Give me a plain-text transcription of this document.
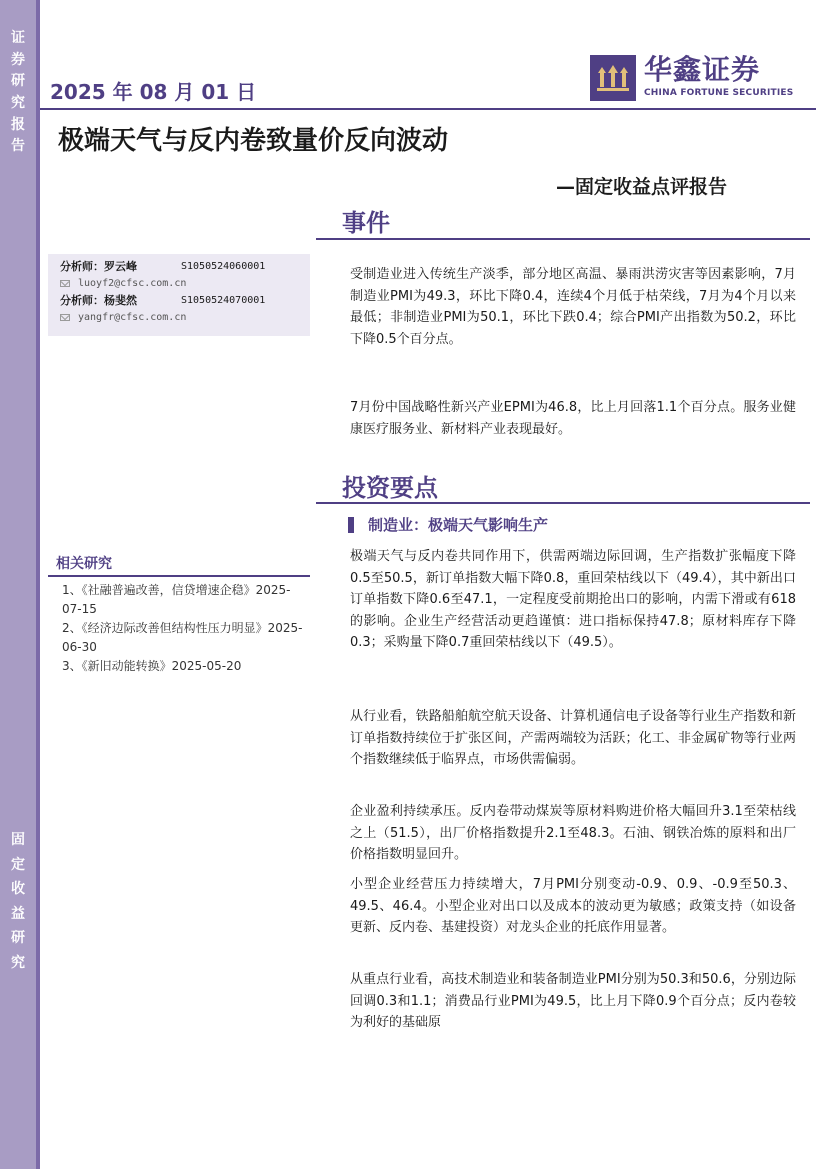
证
券
研
究
报
告
固
定
收
益
研
究
2025 年 08 月 01 日
华鑫证券
CHINA FORTUNE SECURITIES
极端天气与反内卷致量价反向波动
—固定收益点评报告
事件
分析师：罗云峰	S1050524060001
luoyf2@cfsc.com.cn
分析师：杨斐然	S1050524070001
yangfr@cfsc.com.cn
相关研究
1、《社融普遍改善，信贷增速企稳》2025-07-15
2、《经济边际改善但结构性压力明显》2025-06-30
3、《新旧动能转换》2025-05-20

受制造业进入传统生产淡季，部分地区高温、暴雨洪涝灾害等因素影响，7月制造业PMI为49.3，环比下降0.4，连续4个月低于枯荣线，7月为4个月以来最低；非制造业PMI为50.1，环比下跌0.4；综合PMI产出指数为50.2，环比下降0.5个百分点。

7月份中国战略性新兴产业EPMI为46.8，比上月回落1.1个百分点。服务业健康医疗服务业、新材料产业表现最好。

投资要点
制造业：极端天气影响生产

极端天气与反内卷共同作用下，供需两端边际回调，生产指数扩张幅度下降0.5至50.5，新订单指数大幅下降0.8，重回荣枯线以下（49.4），其中新出口订单指数下降0.6至47.1，一定程度受前期抢出口的影响，内需下滑或有618的影响。企业生产经营活动更趋谨慎：进口指标保持47.8；原材料库存下降0.3；采购量下降0.7重回荣枯线以下（49.5）。

从行业看，铁路船舶航空航天设备、计算机通信电子设备等行业生产指数和新订单指数持续位于扩张区间，产需两端较为活跃；化工、非金属矿物等行业两个指数继续低于临界点，市场供需偏弱。

企业盈利持续承压。反内卷带动煤炭等原材料购进价格大幅回升3.1至荣枯线之上（51.5），出厂价格指数提升2.1至48.3。石油、钢铁冶炼的原料和出厂价格指数明显回升。

小型企业经营压力持续增大，7月PMI分别变动-0.9、0.9、-0.9至50.3、49.5、46.4。小型企业对出口以及成本的波动更为敏感；政策支持（如设备更新、反内卷、基建投资）对龙头企业的托底作用显著。

从重点行业看，高技术制造业和装备制造业PMI分别为50.3和50.6，分别边际回调0.3和1.1；消费品行业PMI为49.5，比上月下降0.9个百分点；反内卷较为利好的基础原
